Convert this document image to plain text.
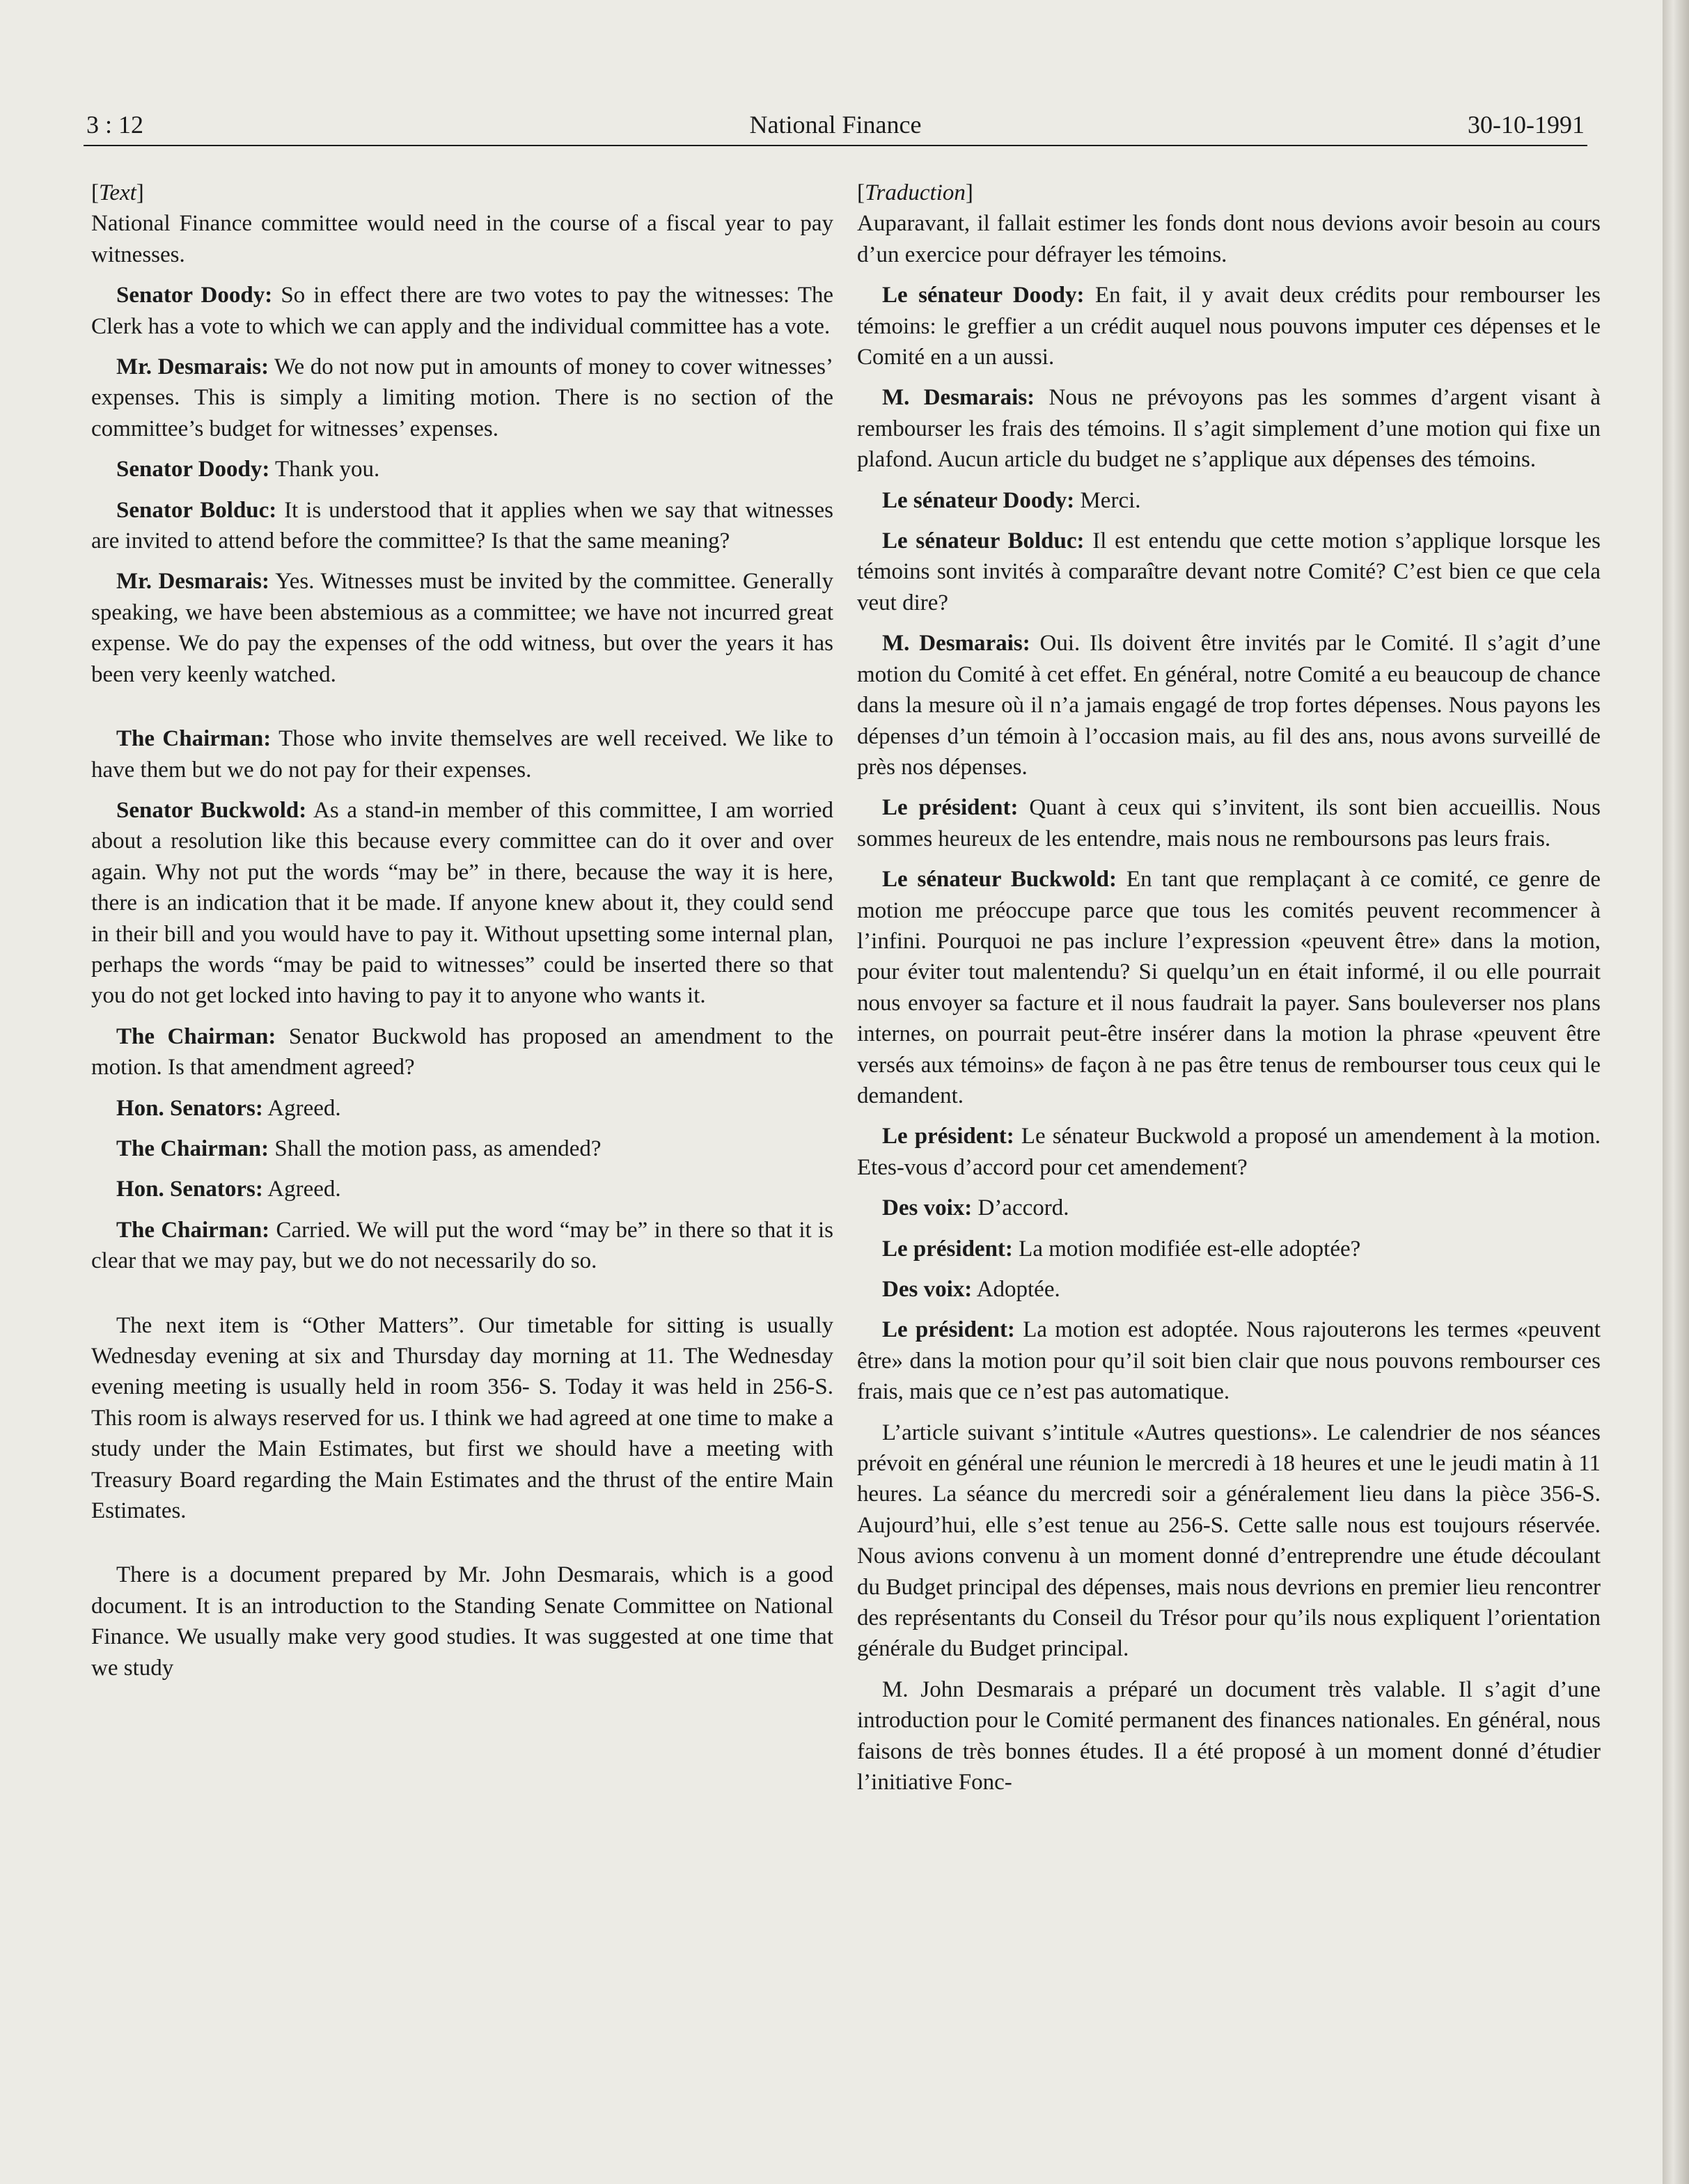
3 : 12	National Finance	30-10-1991

[Text]

National Finance committee would need in the course of a fiscal year to pay witnesses.

Senator Doody: So in effect there are two votes to pay the witnesses: The Clerk has a vote to which we can apply and the individual committee has a vote.

Mr. Desmarais: We do not now put in amounts of money to cover witnesses’ expenses. This is simply a limiting motion. There is no section of the committee’s budget for witnesses’ expenses.

Senator Doody: Thank you.

Senator Bolduc: It is understood that it applies when we say that witnesses are invited to attend before the committee? Is that the same meaning?

Mr. Desmarais: Yes. Witnesses must be invited by the committee. Generally speaking, we have been abstemious as a committee; we have not incurred great expense. We do pay the expenses of the odd witness, but over the years it has been very keenly watched.

The Chairman: Those who invite themselves are well received. We like to have them but we do not pay for their expenses.

Senator Buckwold: As a stand-in member of this committee, I am worried about a resolution like this because every committee can do it over and over again. Why not put the words “may be” in there, because the way it is here, there is an indication that it be made. If anyone knew about it, they could send in their bill and you would have to pay it. Without upsetting some internal plan, perhaps the words “may be paid to witnesses” could be inserted there so that you do not get locked into having to pay it to anyone who wants it.

The Chairman: Senator Buckwold has proposed an amendment to the motion. Is that amendment agreed?

Hon. Senators: Agreed.

The Chairman: Shall the motion pass, as amended?

Hon. Senators: Agreed.

The Chairman: Carried. We will put the word “may be” in there so that it is clear that we may pay, but we do not necessarily do so.

The next item is “Other Matters”. Our timetable for sitting is usually Wednesday evening at six and Thursday day morning at 11. The Wednesday evening meeting is usually held in room 356- S. Today it was held in 256-S. This room is always reserved for us. I think we had agreed at one time to make a study under the Main Estimates, but first we should have a meeting with Treasury Board regarding the Main Estimates and the thrust of the entire Main Estimates.

There is a document prepared by Mr. John Desmarais, which is a good document. It is an introduction to the Standing Senate Committee on National Finance. We usually make very good studies. It was suggested at one time that we study

[Traduction]

Auparavant, il fallait estimer les fonds dont nous devions avoir besoin au cours d’un exercice pour défrayer les témoins.

Le sénateur Doody: En fait, il y avait deux crédits pour rembourser les témoins: le greffier a un crédit auquel nous pouvons imputer ces dépenses et le Comité en a un aussi.

M. Desmarais: Nous ne prévoyons pas les sommes d’argent visant à rembourser les frais des témoins. Il s’agit simplement d’une motion qui fixe un plafond. Aucun article du budget ne s’applique aux dépenses des témoins.

Le sénateur Doody: Merci.

Le sénateur Bolduc: Il est entendu que cette motion s’applique lorsque les témoins sont invités à comparaître devant notre Comité? C’est bien ce que cela veut dire?

M. Desmarais: Oui. Ils doivent être invités par le Comité. Il s’agit d’une motion du Comité à cet effet. En général, notre Comité a eu beaucoup de chance dans la mesure où il n’a jamais engagé de trop fortes dépenses. Nous payons les dépenses d’un témoin à l’occasion mais, au fil des ans, nous avons surveillé de près nos dépenses.

Le président: Quant à ceux qui s’invitent, ils sont bien accueillis. Nous sommes heureux de les entendre, mais nous ne remboursons pas leurs frais.

Le sénateur Buckwold: En tant que remplaçant à ce comité, ce genre de motion me préoccupe parce que tous les comités peuvent recommencer à l’infini. Pourquoi ne pas inclure l’expression «peuvent être» dans la motion, pour éviter tout malentendu? Si quelqu’un en était informé, il ou elle pourrait nous envoyer sa facture et il nous faudrait la payer. Sans bouleverser nos plans internes, on pourrait peut-être insérer dans la motion la phrase «peuvent être versés aux témoins» de façon à ne pas être tenus de rembourser tous ceux qui le demandent.

Le président: Le sénateur Buckwold a proposé un amendement à la motion. Etes-vous d’accord pour cet amendement?

Des voix: D’accord.

Le président: La motion modifiée est-elle adoptée?

Des voix: Adoptée.

Le président: La motion est adoptée. Nous rajouterons les termes «peuvent être» dans la motion pour qu’il soit bien clair que nous pouvons rembourser ces frais, mais que ce n’est pas automatique.

L’article suivant s’intitule «Autres questions». Le calendrier de nos séances prévoit en général une réunion le mercredi à 18 heures et une le jeudi matin à 11 heures. La séance du mercredi soir a généralement lieu dans la pièce 356-S. Aujourd’hui, elle s’est tenue au 256-S. Cette salle nous est toujours réservée. Nous avions convenu à un moment donné d’entreprendre une étude découlant du Budget principal des dépenses, mais nous devrions en premier lieu rencontrer des représentants du Conseil du Trésor pour qu’ils nous expliquent l’orientation générale du Budget principal.

M. John Desmarais a préparé un document très valable. Il s’agit d’une introduction pour le Comité permanent des finances nationales. En général, nous faisons de très bonnes études. Il a été proposé à un moment donné d’étudier l’initiative Fonc-
